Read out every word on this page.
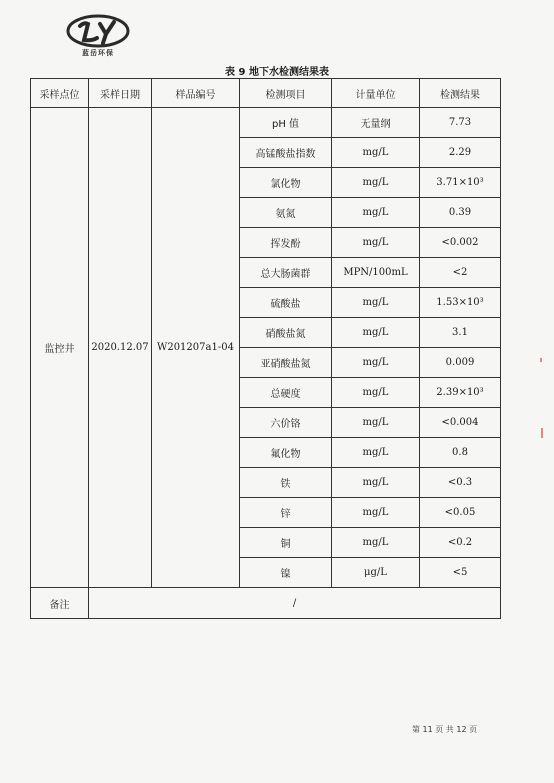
蓝岳环保
表 9 地下水检测结果表
采样点位	采样日期	样品编号	检测项目	计量单位	检测结果
监控井	2020.12.07	W201207a1-04	pH 值	无量纲	7.73
			高锰酸盐指数	mg/L	2.29
			氯化物	mg/L	3.71×10³
			氨氮	mg/L	0.39
			挥发酚	mg/L	<0.002
			总大肠菌群	MPN/100mL	<2
			硫酸盐	mg/L	1.53×10³
			硝酸盐氮	mg/L	3.1
			亚硝酸盐氮	mg/L	0.009
			总硬度	mg/L	2.39×10³
			六价铬	mg/L	<0.004
			氟化物	mg/L	0.8
			铁	mg/L	<0.3
			锌	mg/L	<0.05
			铜	mg/L	<0.2
			镍	μg/L	<5
备注	/				
第 11 页 共 12 页
